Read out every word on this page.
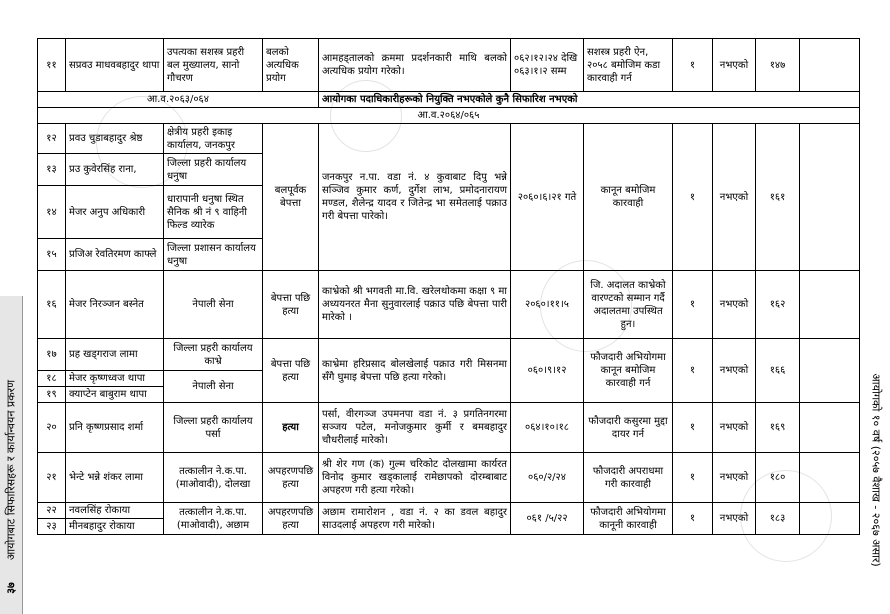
११	सप्रवउ माधवबहादुर थापा	उपत्यका सशस्त्र प्रहरी बल मुख्यालय, सानो गौचरण	बलको अत्यधिक प्रयोग	आमहड्तालको क्रममा प्रदर्शनकारी माथि बलको अत्यधिक प्रयोग गरेको।	०६२।१२।२४ देखि ०६३।१।२ सम्म	सशस्त्र प्रहरी ऐन, २०५८ बमोजिम कडा कारवाही गर्न	१	नभएको	१४७	
आ.व.२०६३/०६४				आयोगका पदाधिकारीहरूको नियुक्ति नभएकोले कुनै सिफारिश नभएको						
आ.व.२०६४/०६५										
१२	प्रवउ चुडाबहादुर श्रेष्ठ	क्षेत्रीय प्रहरी इकाइ कार्यालय, जनकपुर	बलपूर्वक बेपत्ता	जनकपुर न.पा. वडा नं. ४ कुवाबाट दिपु भन्ने सञ्जिव कुमार कर्ण, दुर्गेश लाभ, प्रमोदनारायण मण्डल, शैलेन्द्र यादव र जितेन्द्र भा समेतलाई पक्राउ गरी बेपत्ता पारेको।	२०६०।६।२१ गते	कानून बमोजिम कारवाही	१	नभएको	१६१	
१३	प्रउ कुवेरसिंह राना,	जिल्ला प्रहरी कार्यालय धनुषा								
१४	मेजर अनुप अधिकारी	धारापानी धनुषा स्थित सैनिक श्री नं ९ वाहिनी फिल्ड व्यारेक								
१५	प्रजिअ रेवतिरमण काफ्ले	जिल्ला प्रशासन कार्यालय धनुषा								
१६	मेजर निरञ्जन बस्नेत	नेपाली सेना	बेपत्ता पछि हत्या	काभ्रेको श्री भगवती मा.वि. खरेलथोकमा कक्षा ९ मा अध्ययनरत मैना सुनुवारलाई पक्राउ पछि बेपत्ता पारी मारेको ।	२०६०।११।५	जि. अदालत काभ्रेको वारण्टको सम्मान गर्दै अदालतमा उपस्थित हुन।	१	नभएको	१६२	
१७	प्रह खड्गराज लामा	जिल्ला प्रहरी कार्यालय काभ्रे	बेपत्ता पछि हत्या	काभ्रेमा हरिप्रसाद बोलखेलाई पक्राउ गरी मिसनमा सँगै घुमाइ बेपत्ता पछि हत्या गरेको।	०६०।९।१२	फौजदारी अभियोगमा कानून बमोजिम कारवाही गर्न	१	नभएको	१६६	
१८	मेजर कृष्णध्वज थापा	नेपाली सेना								
१९	क्याप्टेन बाबुराम थापा									
२०	प्रनि कृष्णप्रसाद शर्मा	जिल्ला प्रहरी कार्यालय पर्सा	हत्या	पर्सा, वीरगञ्ज उपमनपा वडा नं. ३ प्रगतिनगरमा सञ्जय पटेल, मनोजकुमार कुर्मी र बमबहादुर चौधरीलाई मारेको।	०६४।१०।१८	फौजदारी कसुरमा मुद्दा दायर गर्न	१	नभएको	१६९	
२१	भेन्टे भन्ने शंकर लामा	तत्कालीन ने.क.पा. (माओवादी), दोलखा	अपहरणपछि हत्या	श्री शेर गण (क) गुल्म चरिकोट दोलखामा कार्यरत विनोद कुमार खड्कालाई रामेछापको दोरम्बाबाट अपहरण गरी हत्या गरेको।	०६०/२/२४	फौजदारी अपराधमा गरी कारवाही	१	नभएको	१८०	
२२	नवलसिंह रोकाया	तत्कालीन ने.क.पा. (माओवादी), अछाम	अपहरणपछि हत्या	अछाम रामारोशन , वडा नं. २ का डवल बहादुर साउदलाई अपहरण गरी मारेको।	०६१ /५/२२	फौजदारी अभियोगमा कानूनी कारवाही	१	नभएको	१८३	
२३	मीनबहादुर रोकाया									
आयोगबाट सिफारिसहरू र कार्यान्वयन प्रकरण
३७
आयोगको १० वर्ष (२०५७ वैशाख - २०६७ असार)
